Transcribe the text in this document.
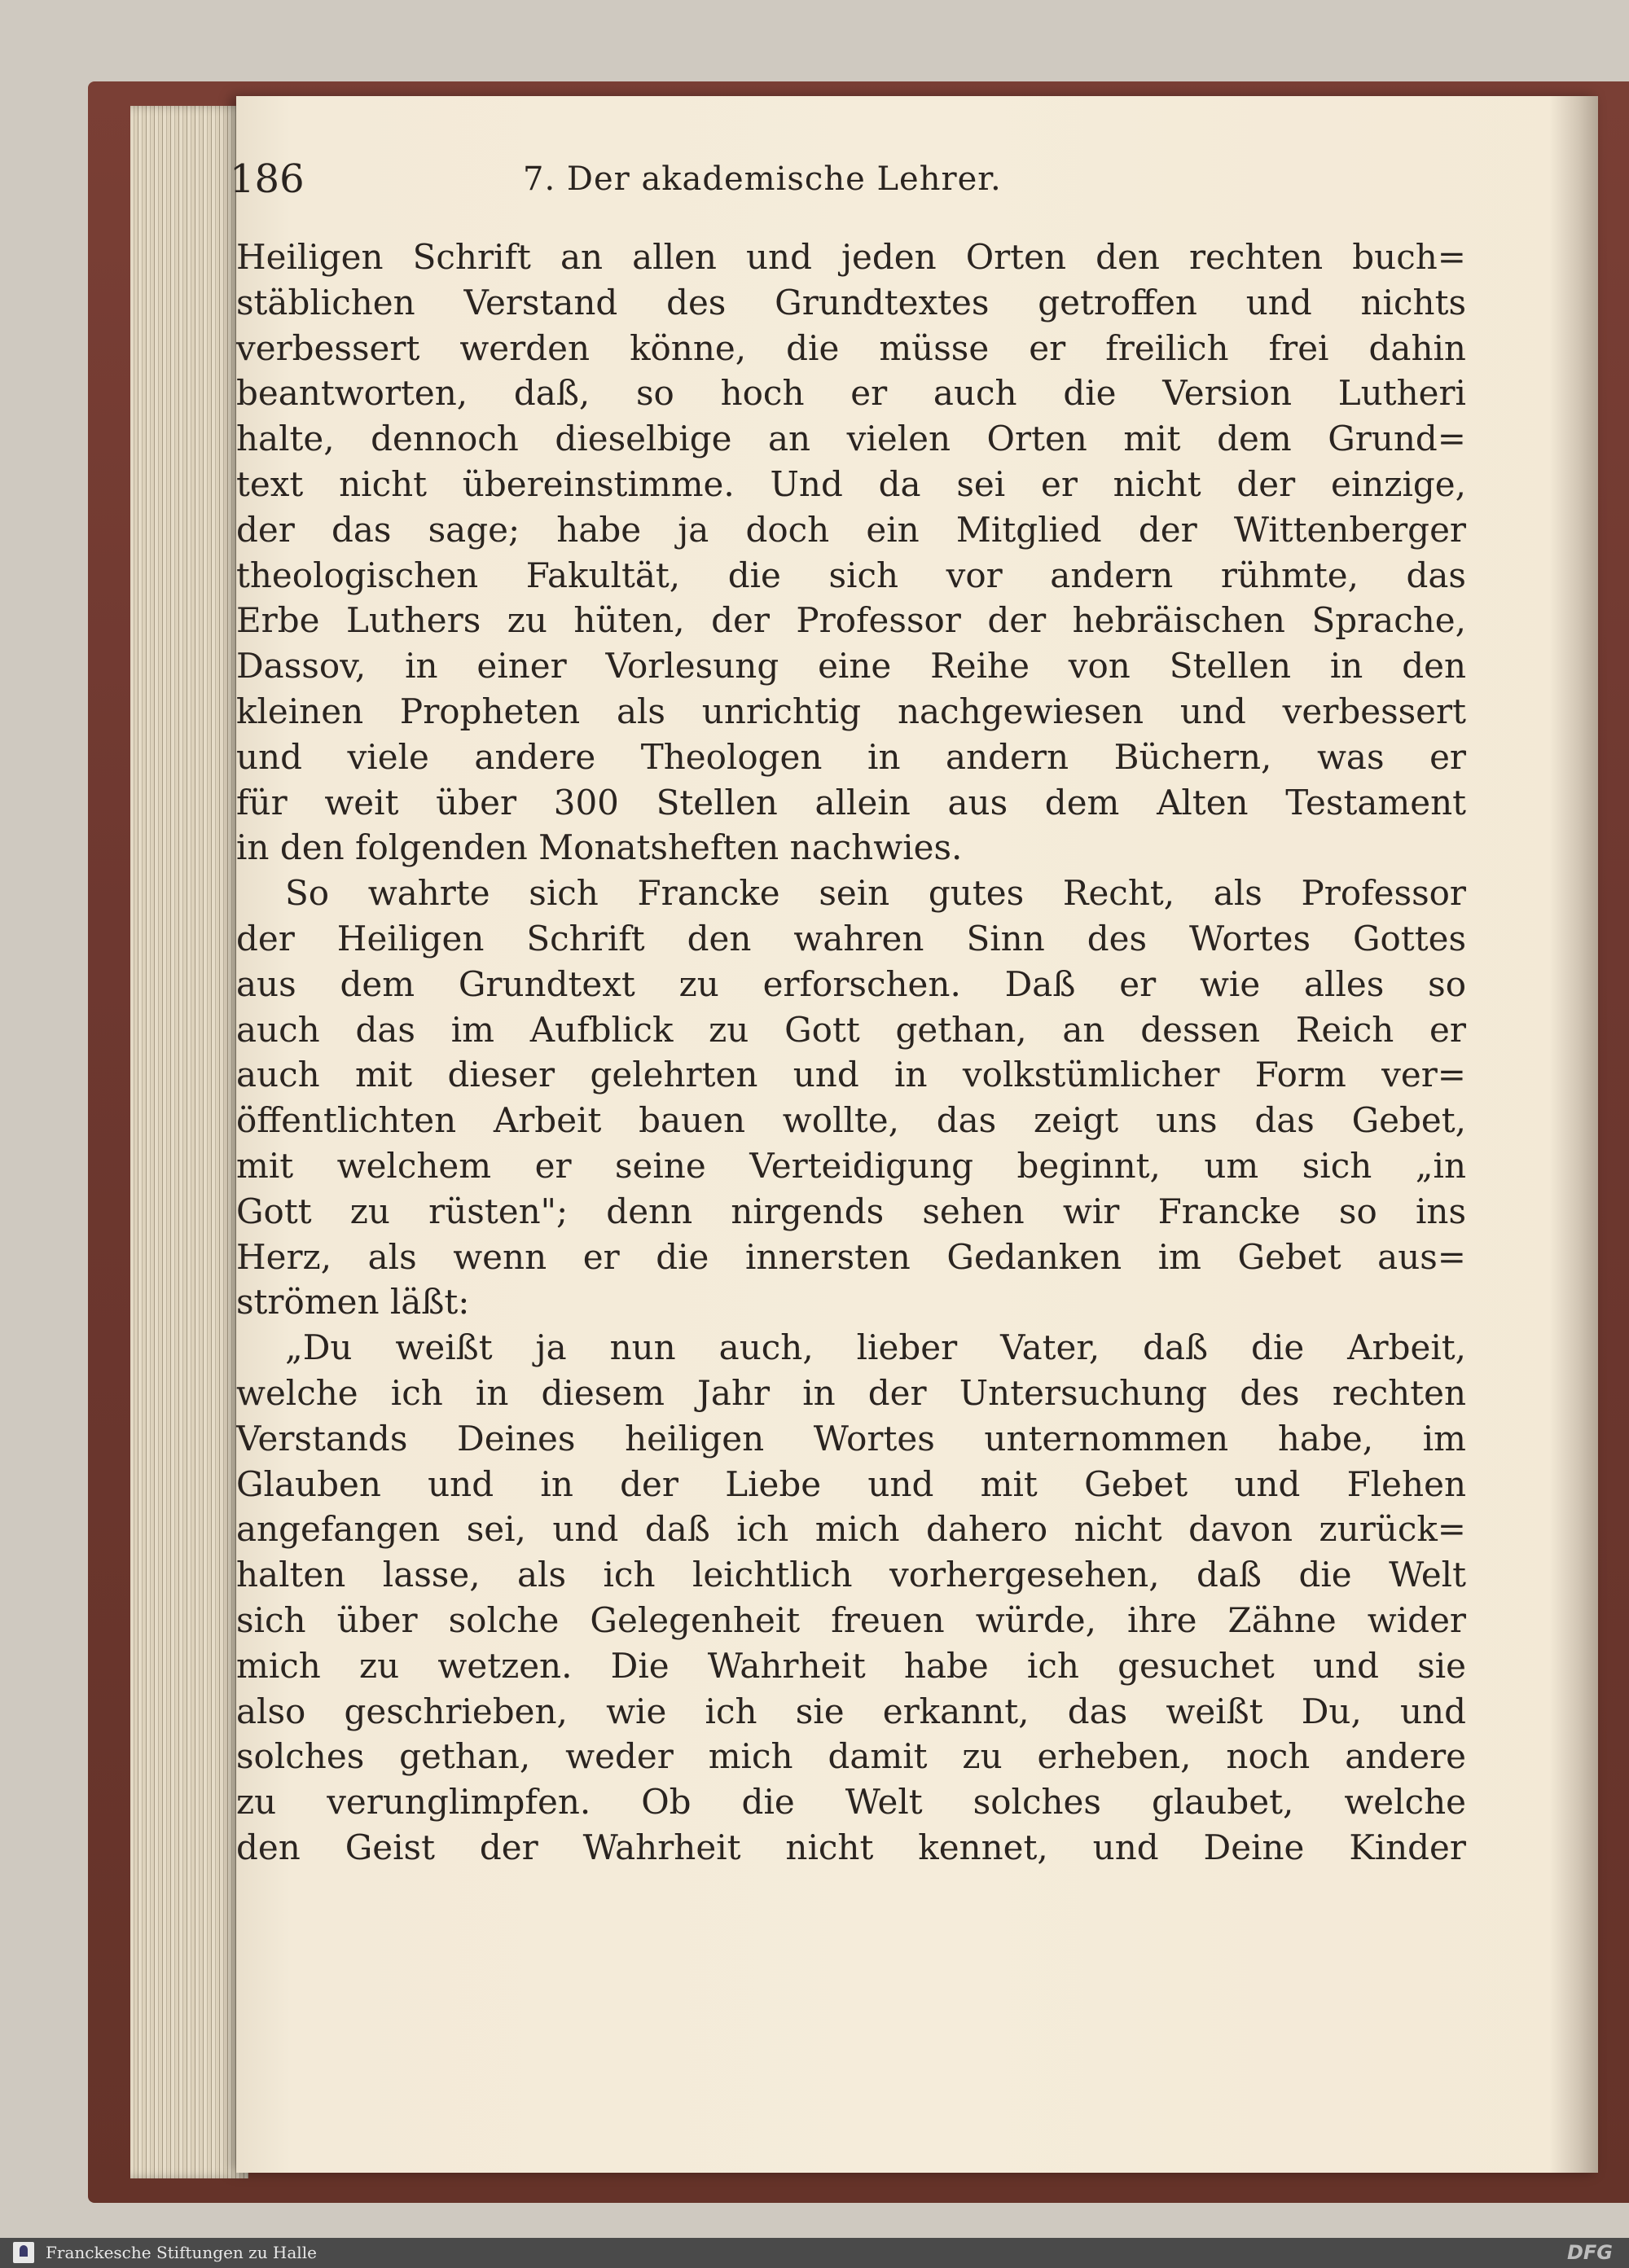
186	7. Der akademische Lehrer.
Heiligen Schrift an allen und jeden Orten den rechten buch=
stäblichen Verstand des Grundtextes getroffen und nichts
verbessert werden könne, die müsse er freilich frei dahin
beantworten, daß, so hoch er auch die Version Lutheri
halte, dennoch dieselbige an vielen Orten mit dem Grund=
text nicht übereinstimme. Und da sei er nicht der einzige,
der das sage; habe ja doch ein Mitglied der Wittenberger
theologischen Fakultät, die sich vor andern rühmte, das
Erbe Luthers zu hüten, der Professor der hebräischen Sprache,
Dassov, in einer Vorlesung eine Reihe von Stellen in den
kleinen Propheten als unrichtig nachgewiesen und verbessert
und viele andere Theologen in andern Büchern, was er
für weit über 300 Stellen allein aus dem Alten Testament
in den folgenden Monatsheften nachwies.
So wahrte sich Francke sein gutes Recht, als Professor
der Heiligen Schrift den wahren Sinn des Wortes Gottes
aus dem Grundtext zu erforschen. Daß er wie alles so
auch das im Aufblick zu Gott gethan, an dessen Reich er
auch mit dieser gelehrten und in volkstümlicher Form ver=
öffentlichten Arbeit bauen wollte, das zeigt uns das Gebet,
mit welchem er seine Verteidigung beginnt, um sich „in
Gott zu rüsten"; denn nirgends sehen wir Francke so ins
Herz, als wenn er die innersten Gedanken im Gebet aus=
strömen läßt:
„Du weißt ja nun auch, lieber Vater, daß die Arbeit,
welche ich in diesem Jahr in der Untersuchung des rechten
Verstands Deines heiligen Wortes unternommen habe, im
Glauben und in der Liebe und mit Gebet und Flehen
angefangen sei, und daß ich mich dahero nicht davon zurück=
halten lasse, als ich leichtlich vorhergesehen, daß die Welt
sich über solche Gelegenheit freuen würde, ihre Zähne wider
mich zu wetzen. Die Wahrheit habe ich gesuchet und sie
also geschrieben, wie ich sie erkannt, das weißt Du, und
solches gethan, weder mich damit zu erheben, noch andere
zu verunglimpfen. Ob die Welt solches glaubet, welche
den Geist der Wahrheit nicht kennet, und Deine Kinder
Franckesche Stiftungen zu Halle	DFG
